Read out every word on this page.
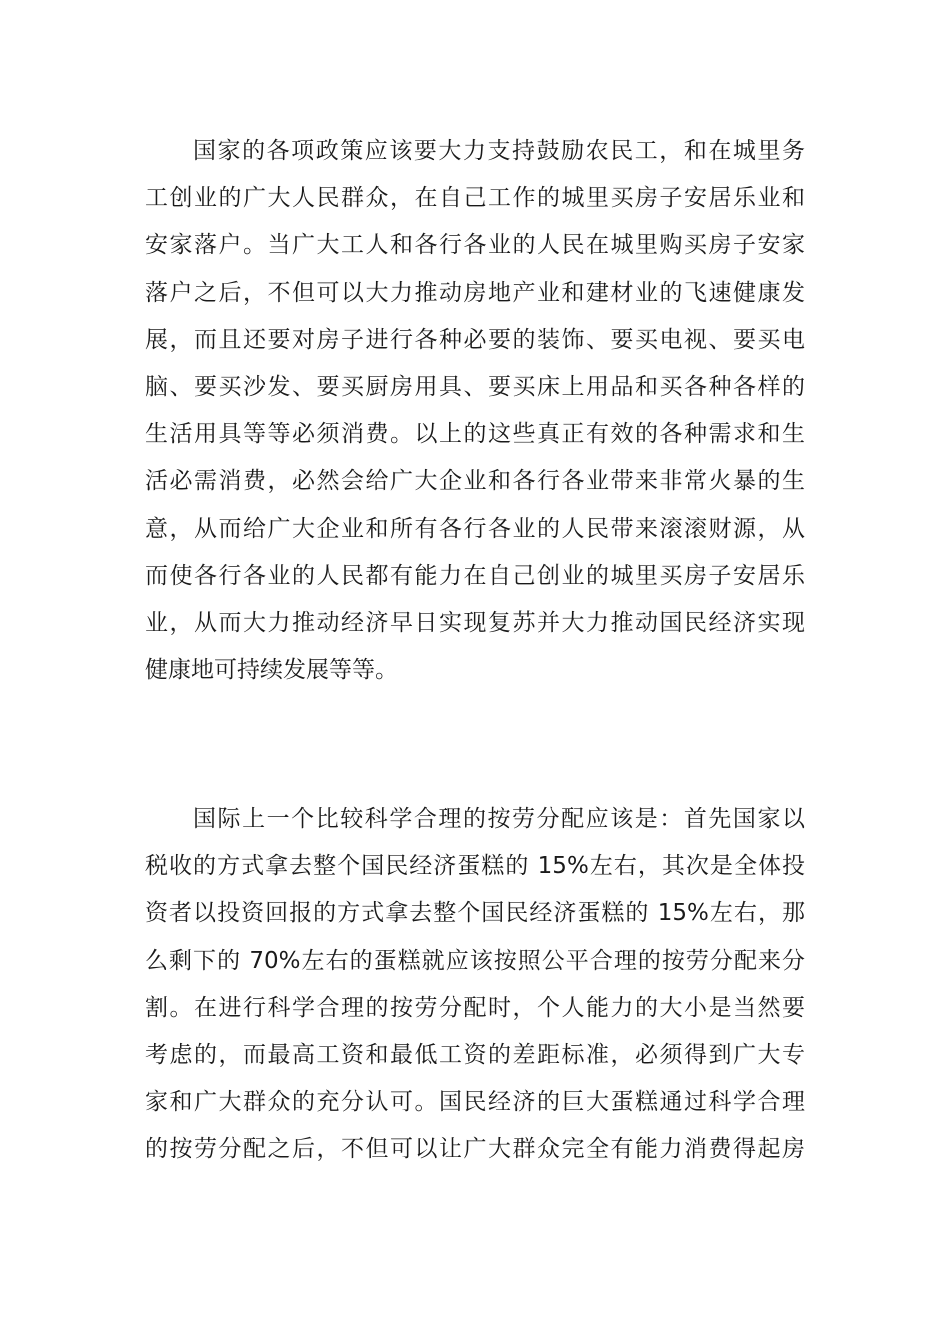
国家的各项政策应该要大力支持鼓励农民工，和在城里务
工创业的广大人民群众，在自己工作的城里买房子安居乐业和
安家落户。当广大工人和各行各业的人民在城里购买房子安家
落户之后，不但可以大力推动房地产业和建材业的飞速健康发
展，而且还要对房子进行各种必要的装饰、要买电视、要买电
脑、要买沙发、要买厨房用具、要买床上用品和买各种各样的
生活用具等等必须消费。以上的这些真正有效的各种需求和生
活必需消费，必然会给广大企业和各行各业带来非常火暴的生
意，从而给广大企业和所有各行各业的人民带来滚滚财源，从
而使各行各业的人民都有能力在自己创业的城里买房子安居乐
业，从而大力推动经济早日实现复苏并大力推动国民经济实现
健康地可持续发展等等。
国际上一个比较科学合理的按劳分配应该是：首先国家以
税收的方式拿去整个国民经济蛋糕的 15%左右，其次是全体投
资者以投资回报的方式拿去整个国民经济蛋糕的 15%左右，那
么剩下的 70%左右的蛋糕就应该按照公平合理的按劳分配来分
割。在进行科学合理的按劳分配时，个人能力的大小是当然要
考虑的，而最高工资和最低工资的差距标准，必须得到广大专
家和广大群众的充分认可。国民经济的巨大蛋糕通过科学合理
的按劳分配之后，不但可以让广大群众完全有能力消费得起房
